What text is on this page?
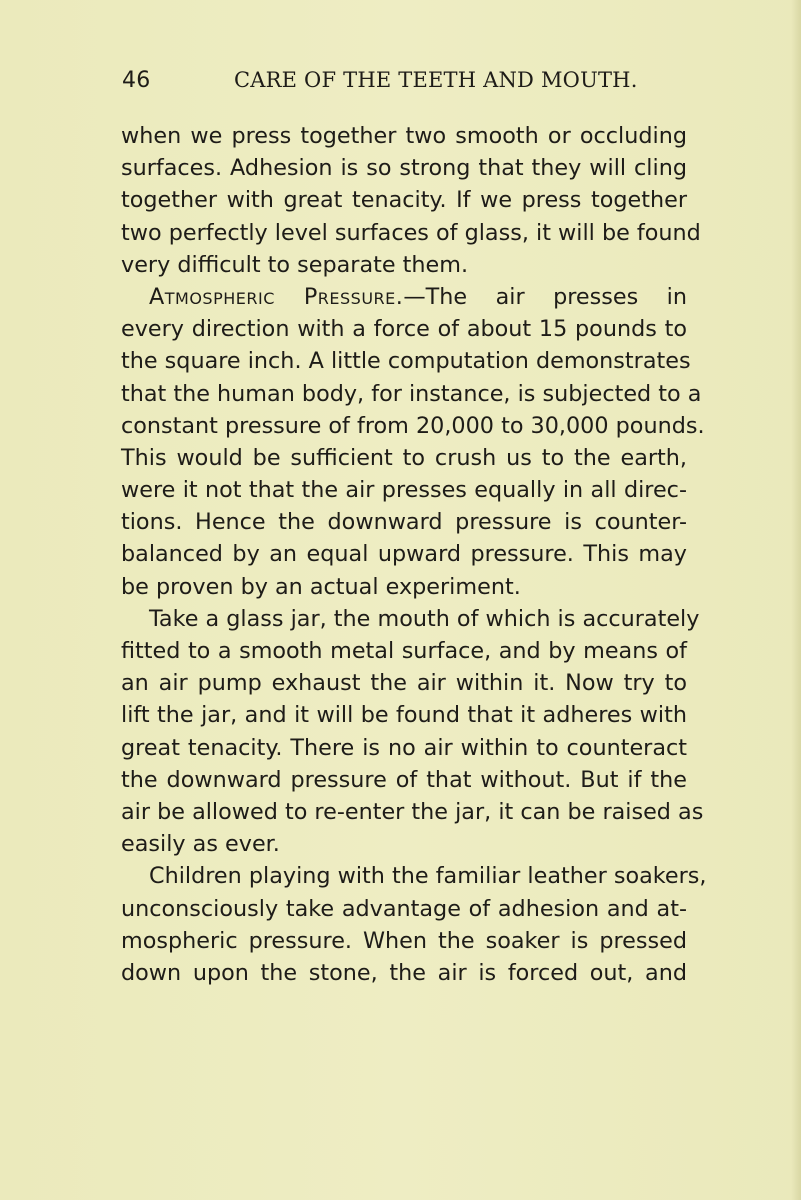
46	CARE OF THE TEETH AND MOUTH.
when we press together two smooth or occluding
surfaces. Adhesion is so strong that they will cling
together with great tenacity. If we press together
two perfectly level surfaces of glass, it will be found
very difficult to separate them.
Atmospheric Pressure.—The air presses in
every direction with a force of about 15 pounds to
the square inch. A little computation demonstrates
that the human body, for instance, is subjected to a
constant pressure of from 20,000 to 30,000 pounds.
This would be sufficient to crush us to the earth,
were it not that the air presses equally in all direc-
tions. Hence the downward pressure is counter-
balanced by an equal upward pressure. This may
be proven by an actual experiment.
Take a glass jar, the mouth of which is accurately
fitted to a smooth metal surface, and by means of
an air pump exhaust the air within it. Now try to
lift the jar, and it will be found that it adheres with
great tenacity. There is no air within to counteract
the downward pressure of that without. But if the
air be allowed to re-enter the jar, it can be raised as
easily as ever.
Children playing with the familiar leather soakers,
unconsciously take advantage of adhesion and at-
mospheric pressure. When the soaker is pressed
down upon the stone, the air is forced out, and
